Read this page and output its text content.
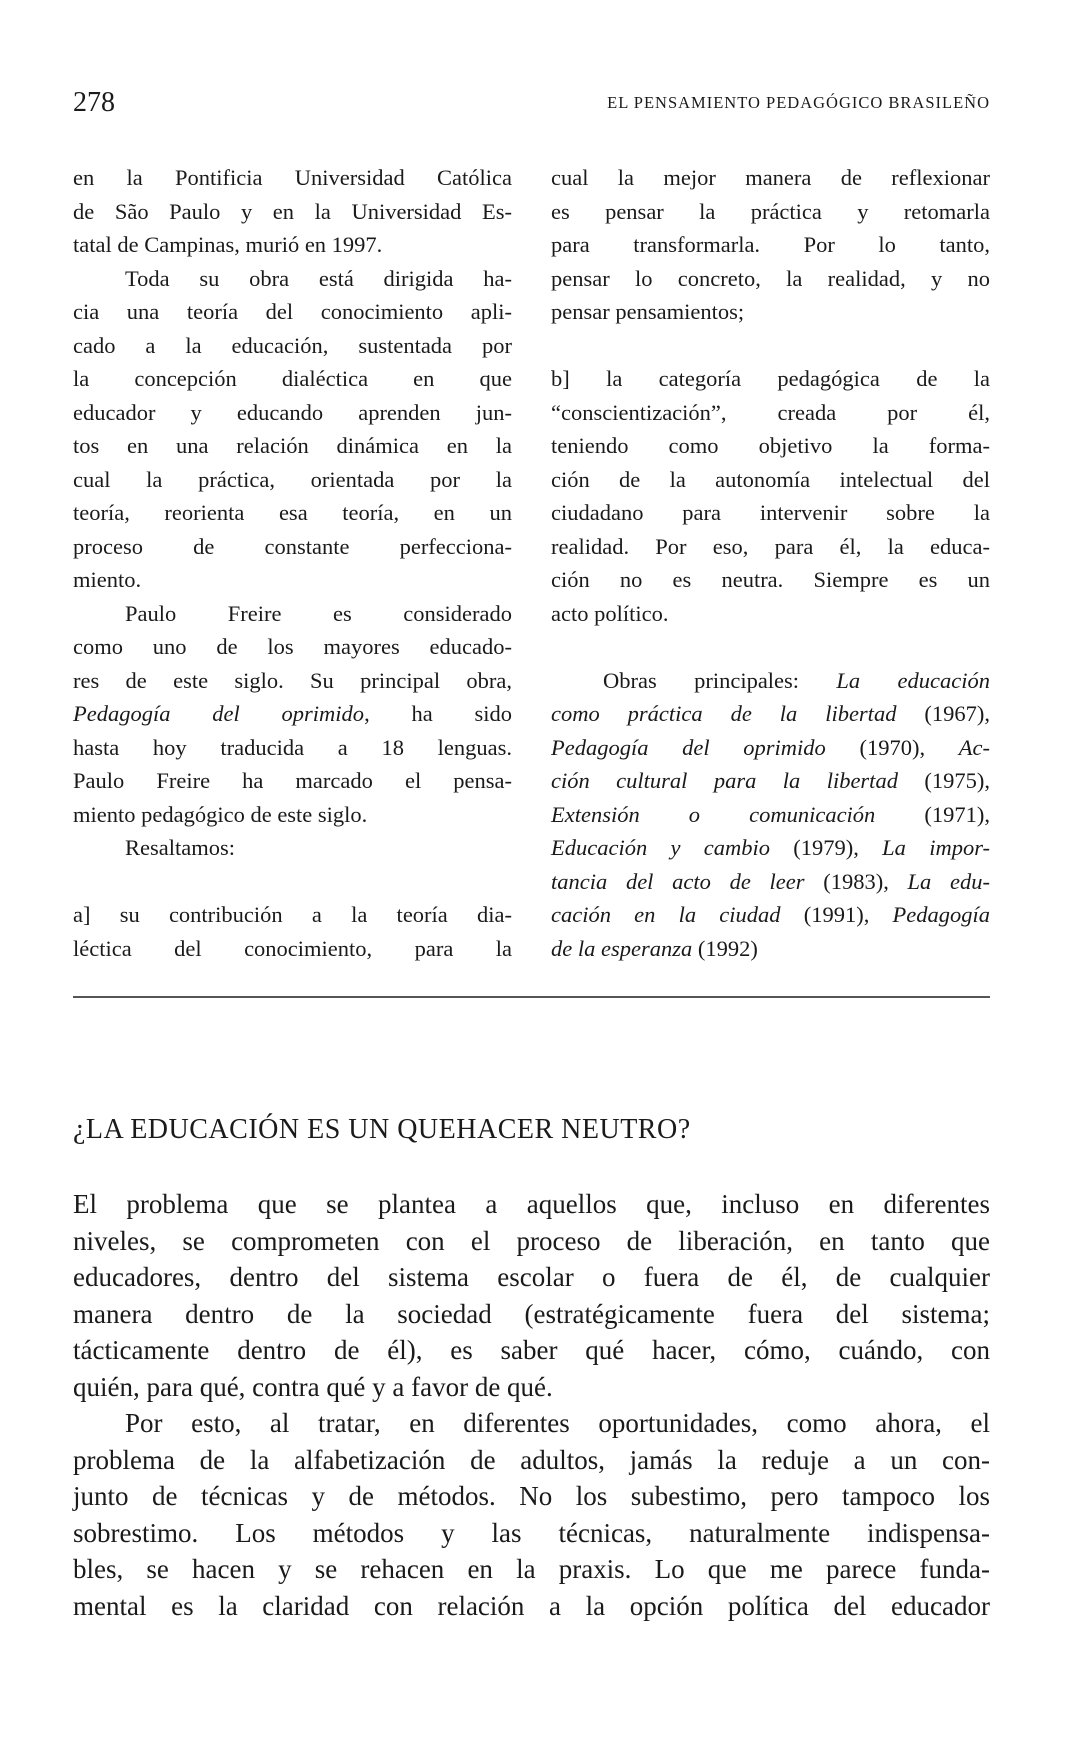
278	EL PENSAMIENTO PEDAGÓGICO BRASILEÑO
en la Pontificia Universidad Católica
de São Paulo y en la Universidad Es-
tatal de Campinas, murió en 1997.
Toda su obra está dirigida ha-
cia una teoría del conocimiento apli-
cado a la educación, sustentada por
la concepción dialéctica en que
educador y educando aprenden jun-
tos en una relación dinámica en la
cual la práctica, orientada por la
teoría, reorienta esa teoría, en un
proceso de constante perfecciona-
miento.
Paulo Freire es considerado
como uno de los mayores educado-
res de este siglo. Su principal obra,
Pedagogía del oprimido, ha sido
hasta hoy traducida a 18 lenguas.
Paulo Freire ha marcado el pensa-
miento pedagógico de este siglo.
Resaltamos:

a] su contribución a la teoría dia-
léctica del conocimiento, para la
cual la mejor manera de reflexionar
es pensar la práctica y retomarla
para transformarla. Por lo tanto,
pensar lo concreto, la realidad, y no
pensar pensamientos;

b] la categoría pedagógica de la
“conscientización”, creada por él,
teniendo como objetivo la forma-
ción de la autonomía intelectual del
ciudadano para intervenir sobre la
realidad. Por eso, para él, la educa-
ción no es neutra. Siempre es un
acto político.

Obras principales: La educación
como práctica de la libertad (1967),
Pedagogía del oprimido (1970), Ac-
ción cultural para la libertad (1975),
Extensión o comunicación (1971),
Educación y cambio (1979), La impor-
tancia del acto de leer (1983), La edu-
cación en la ciudad (1991), Pedagogía
de la esperanza (1992)
¿LA EDUCACIÓN ES UN QUEHACER NEUTRO?
El problema que se plantea a aquellos que, incluso en diferentes
niveles, se comprometen con el proceso de liberación, en tanto que
educadores, dentro del sistema escolar o fuera de él, de cualquier
manera dentro de la sociedad (estratégicamente fuera del sistema;
tácticamente dentro de él), es saber qué hacer, cómo, cuándo, con
quién, para qué, contra qué y a favor de qué.
Por esto, al tratar, en diferentes oportunidades, como ahora, el
problema de la alfabetización de adultos, jamás la reduje a un con-
junto de técnicas y de métodos. No los subestimo, pero tampoco los
sobrestimo. Los métodos y las técnicas, naturalmente indispensa-
bles, se hacen y se rehacen en la praxis. Lo que me parece funda-
mental es la claridad con relación a la opción política del educador
